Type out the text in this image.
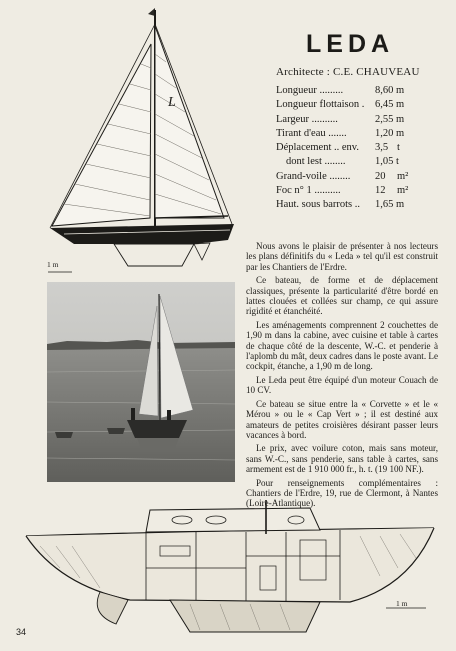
L
1 m
LEDA
Architecte : C.E. CHAUVEAU
Longueur .........	8,60 m
Longueur flottaison . 6,45 m
Largeur ..........	2,55 m
Tirant d'eau .......	1,20 m
Déplacement .. env. 3,5 t
dont lest ........	1,05 t
Grand-voile ........ 20 m²
Foc n° 1 ..........	12 m²
Haut. sous barrots .. 1,65 m

Nous avons le plaisir de présenter à nos lecteurs les plans définitifs du « Leda » tel qu'il est construit par les Chantiers de l'Erdre.

Ce bateau, de forme et de déplacement classiques, présente la particularité d'être bordé en lattes clouées et collées sur champ, ce qui assure rigidité et étanchéité.

Les aménagements comprennent 2 couchettes de 1,90 m dans la cabine, avec cuisine et table à cartes de chaque côté de la descente, W.-C. et penderie à l'aplomb du mât, deux cadres dans le poste avant. Le cockpit, étanche, a 1,90 m de long.

Le Leda peut être équipé d'un moteur Couach de 10 CV.

Ce bateau se situe entre la « Corvette » et le « Mérou » ou le « Cap Vert » ; il est destiné aux amateurs de petites croisières désirant passer leurs vacances à bord.

Le prix, avec voilure coton, mais sans moteur, sans W.-C., sans penderie, sans table à cartes, sans armement est de 1 910 000 fr., h. t. (19 100 NF.).

Pour renseignements complémentaires : Chantiers de l'Erdre, 19, rue de Clermont, à Nantes (Loire-Atlantique).

1 m
34
